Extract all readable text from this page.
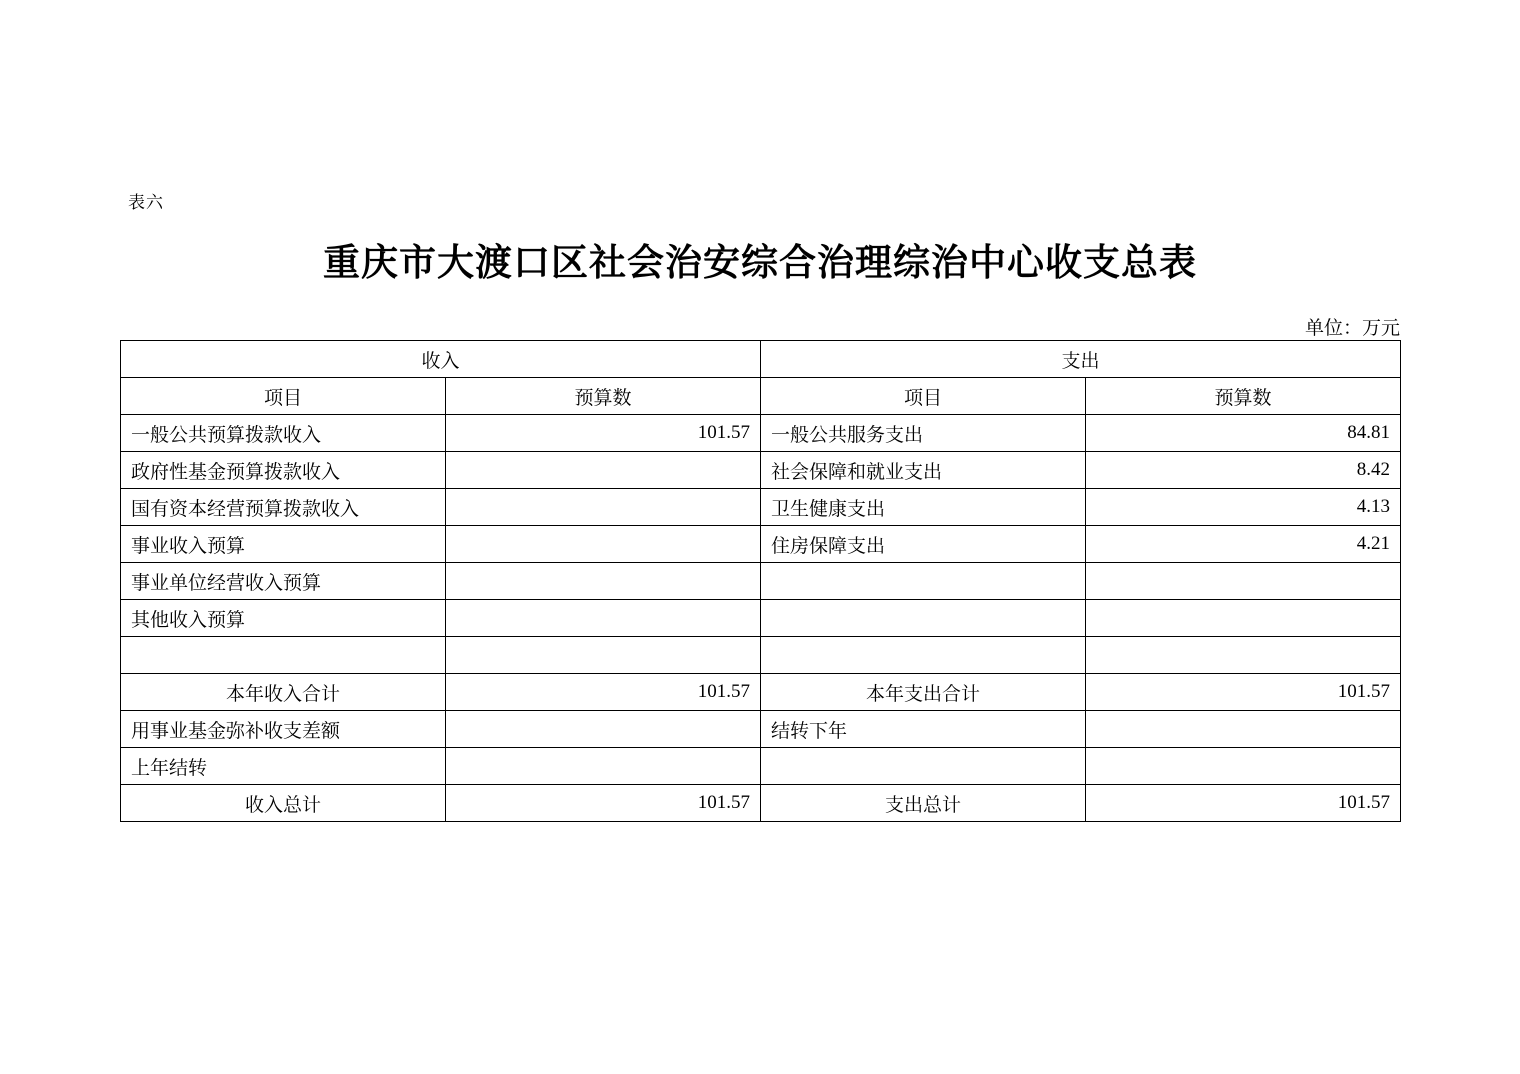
表六
重庆市大渡口区社会治安综合治理综治中心收支总表
单位：万元
收入		支出	
项目	预算数	项目	预算数
一般公共预算拨款收入	101.57	一般公共服务支出	84.81
政府性基金预算拨款收入		社会保障和就业支出	8.42
国有资本经营预算拨款收入		卫生健康支出	4.13
事业收入预算		住房保障支出	4.21
事业单位经营收入预算			
其他收入预算			

本年收入合计	101.57	本年支出合计	101.57
用事业基金弥补收支差额		结转下年	
上年结转			
收入总计	101.57	支出总计	101.57
